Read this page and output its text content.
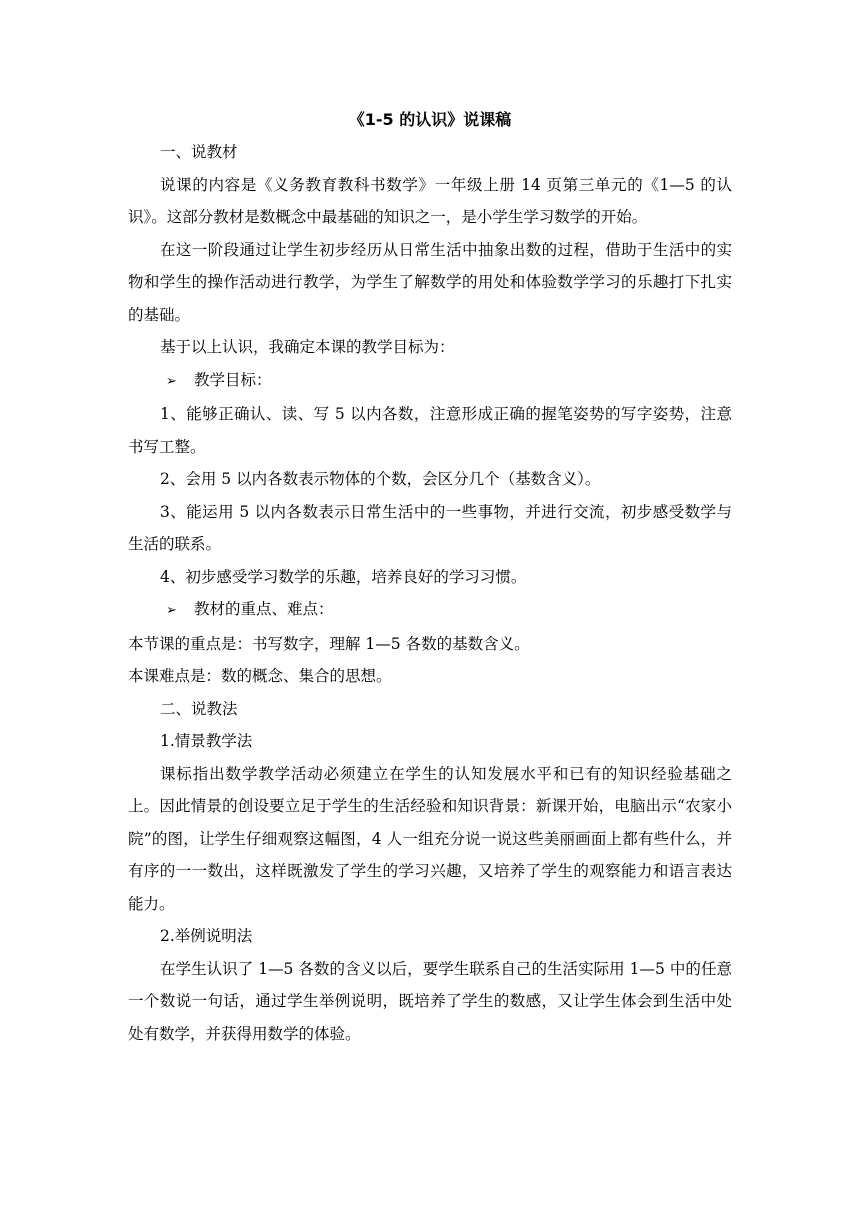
《1-5 的认识》说课稿

一、说教材

说课的内容是《义务教育教科书数学》一年级上册 14 页第三单元的《1—5 的认识》。这部分教材是数概念中最基础的知识之一，是小学生学习数学的开始。

在这一阶段通过让学生初步经历从日常生活中抽象出数的过程，借助于生活中的实物和学生的操作活动进行教学，为学生了解数学的用处和体验数学学习的乐趣打下扎实的基础。

基于以上认识，我确定本课的教学目标为：

➢ 教学目标：

1、能够正确认、读、写 5 以内各数，注意形成正确的握笔姿势的写字姿势，注意书写工整。

2、会用 5 以内各数表示物体的个数，会区分几个（基数含义）。

3、能运用 5 以内各数表示日常生活中的一些事物，并进行交流，初步感受数学与生活的联系。

4、初步感受学习数学的乐趣，培养良好的学习习惯。

➢ 教材的重点、难点：

本节课的重点是：书写数字，理解 1—5 各数的基数含义。

本课难点是：数的概念、集合的思想。

二、说教法

1.情景教学法

课标指出数学教学活动必须建立在学生的认知发展水平和已有的知识经验基础之上。因此情景的创设要立足于学生的生活经验和知识背景：新课开始，电脑出示“农家小院”的图，让学生仔细观察这幅图，4 人一组充分说一说这些美丽画面上都有些什么，并有序的一一数出，这样既激发了学生的学习兴趣，又培养了学生的观察能力和语言表达能力。

2.举例说明法

在学生认识了 1—5 各数的含义以后，要学生联系自己的生活实际用 1—5 中的任意一个数说一句话，通过学生举例说明，既培养了学生的数感，又让学生体会到生活中处处有数学，并获得用数学的体验。
